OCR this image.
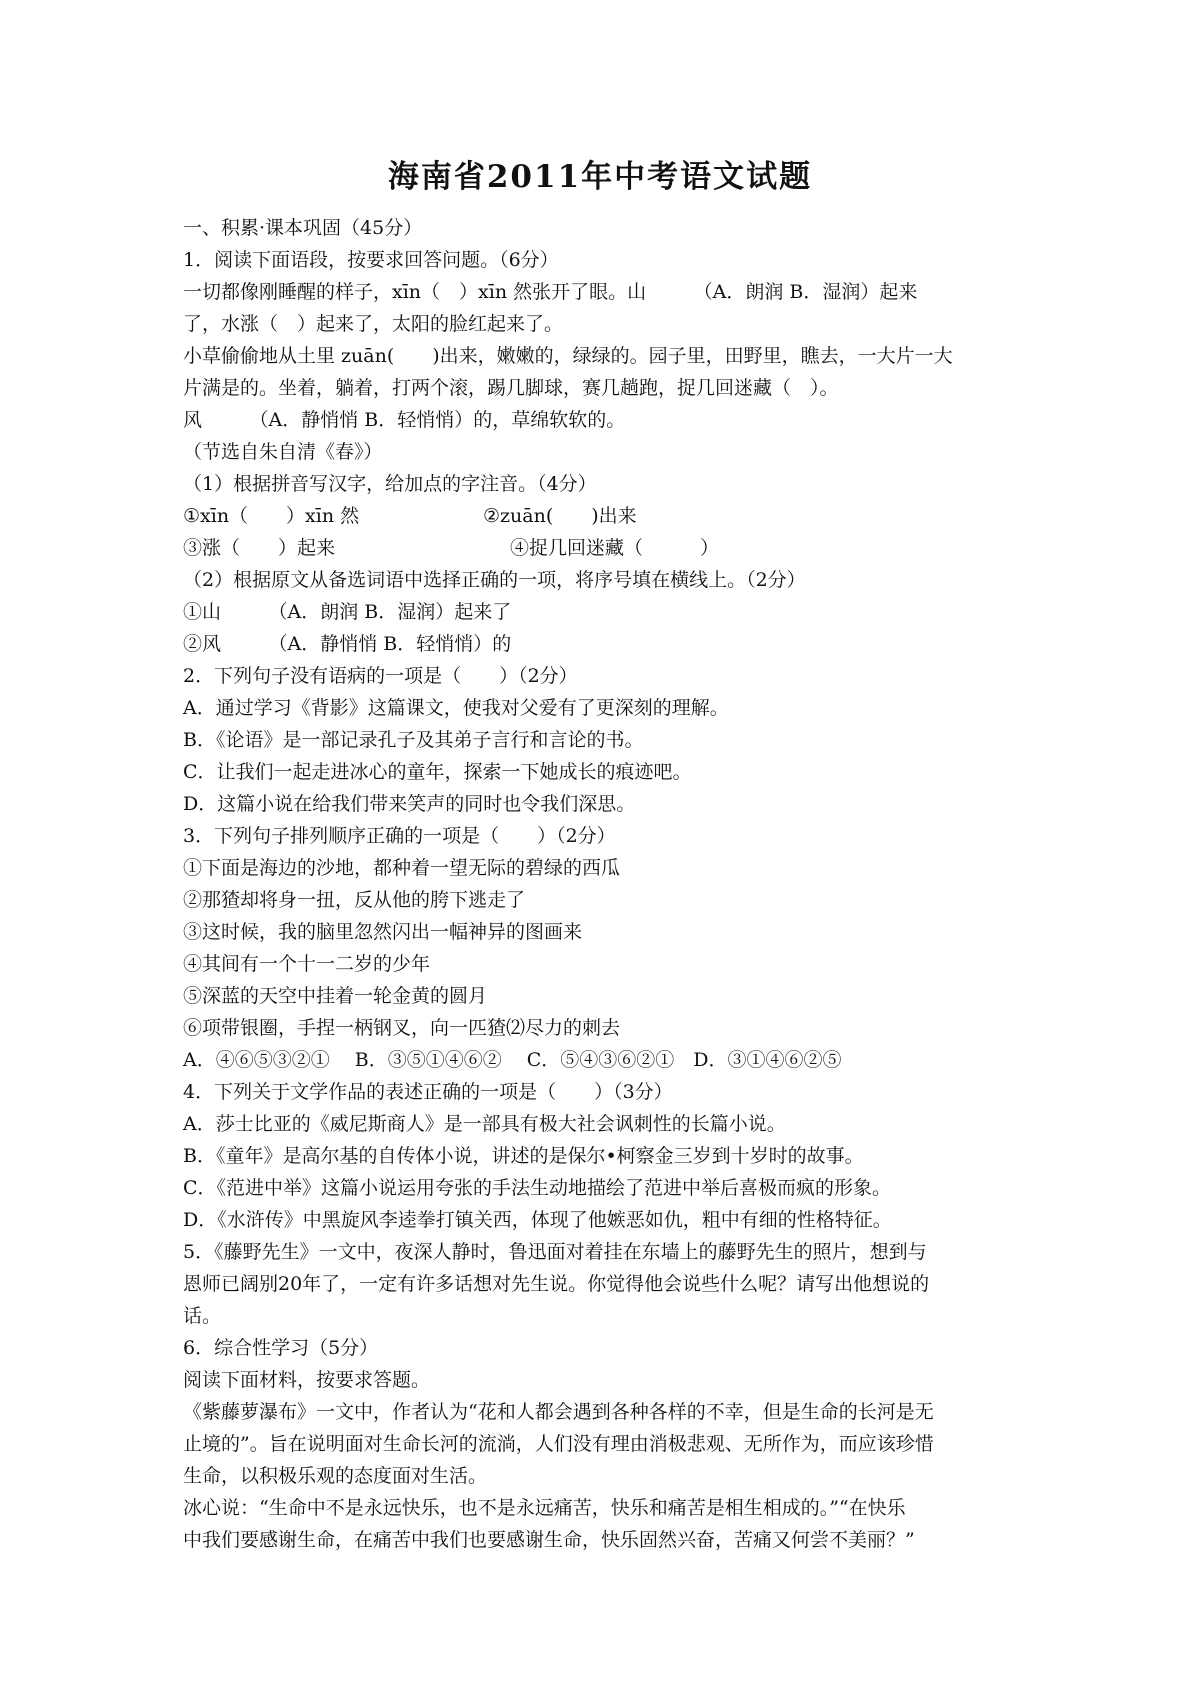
海南省2011年中考语文试题
一、积累·课本巩固（45分）
1．阅读下面语段，按要求回答问题。（6分）
一切都像刚睡醒的样子，xīn（　）xīn 然张开了眼。山　　　（A．朗润 B．湿润）起来
了，水涨（　）起来了，太阳的脸红起来了。
小草偷偷地从土里 zuān(　　)出来，嫩嫩的，绿绿的。园子里，田野里，瞧去，一大片一大
片满是的。坐着，躺着，打两个滚，踢几脚球，赛几趟跑，捉几回迷藏（　）。
风　　　（A．静悄悄 B．轻悄悄）的，草绵软软的。
（节选自朱自清《春》）
（1）根据拼音写汉字，给加点的字注音。（4分）
①xīn（　　）xīn 然	②zuān(　　)出来
③涨（　　）起来	④捉几回迷藏（　　　）
（2）根据原文从备选词语中选择正确的一项，将序号填在横线上。（2分）
①山　　　（A．朗润 B．湿润）起来了
②风　　　（A．静悄悄 B．轻悄悄）的
2．下列句子没有语病的一项是（　　）（2分）
A．通过学习《背影》这篇课文，使我对父爱有了更深刻的理解。
B．《论语》是一部记录孔子及其弟子言行和言论的书。
C．让我们一起走进冰心的童年，探索一下她成长的痕迹吧。
D．这篇小说在给我们带来笑声的同时也令我们深思。
3．下列句子排列顺序正确的一项是（　　）（2分）
①下面是海边的沙地，都种着一望无际的碧绿的西瓜
②那猹却将身一扭，反从他的胯下逃走了
③这时候，我的脑里忽然闪出一幅神异的图画来
④其间有一个十一二岁的少年
⑤深蓝的天空中挂着一轮金黄的圆月
⑥项带银圈，手捏一柄钢叉，向一匹猹⑵尽力的刺去
A．④⑥⑤③②①　 B．③⑤①④⑥②　 C．⑤④③⑥②①　D．③①④⑥②⑤
4．下列关于文学作品的表述正确的一项是（　　）（3分）
A．莎士比亚的《威尼斯商人》是一部具有极大社会讽刺性的长篇小说。
B．《童年》是高尔基的自传体小说，讲述的是保尔•柯察金三岁到十岁时的故事。
C．《范进中举》这篇小说运用夸张的手法生动地描绘了范进中举后喜极而疯的形象。
D．《水浒传》中黑旋风李逵拳打镇关西，体现了他嫉恶如仇，粗中有细的性格特征。
5．《藤野先生》一文中，夜深人静时，鲁迅面对着挂在东墙上的藤野先生的照片，想到与
恩师已阔别20年了，一定有许多话想对先生说。你觉得他会说些什么呢？请写出他想说的
话。
6．综合性学习（5分）
阅读下面材料，按要求答题。
《紫藤萝瀑布》一文中，作者认为“花和人都会遇到各种各样的不幸，但是生命的长河是无
止境的”。旨在说明面对生命长河的流淌，人们没有理由消极悲观、无所作为，而应该珍惜
生命，以积极乐观的态度面对生活。
冰心说：“生命中不是永远快乐，也不是永远痛苦，快乐和痛苦是相生相成的。”“在快乐
中我们要感谢生命，在痛苦中我们也要感谢生命，快乐固然兴奋，苦痛又何尝不美丽？”
